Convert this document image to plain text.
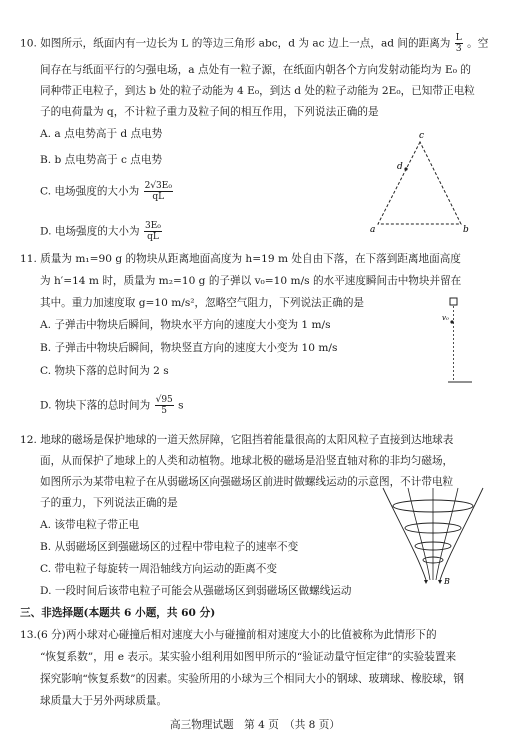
10. 如图所示，纸面内有一边长为 L 的等边三角形 abc，d 为 ac 边上一点，ad 间的距离为 $\frac{L}{3}$ 。空
间存在与纸面平行的匀强电场，a 点处有一粒子源，在纸面内朝各个方向发射动能均为 E₀ 的
同种带正电粒子，到达 b 处的粒子动能为 4 E₀，到达 d 处的粒子动能为 2E₀，已知带正电粒
子的电荷量为 q，不计粒子重力及粒子间的相互作用，下列说法正确的是
A. a 点电势高于 d 点电势
B. b 点电势高于 c 点电势
C. 电场强度的大小为 $\frac{\text{2√3E₀}}{qL}$
D. 电场强度的大小为 $\frac{\text{3E₀}}{qL}$
c
d
a	b
11. 质量为 m₁=90 g 的物块从距离地面高度为 h=19 m 处自由下落，在下落到距离地面高度
为 h′=14 m 时，质量为 m₂=10 g 的子弹以 v₀=10 m/s 的水平速度瞬间击中物块并留在
其中。重力加速度取 g=10 m/s²，忽略空气阻力，下列说法正确的是
A. 子弹击中物块后瞬间，物块水平方向的速度大小变为 1 m/s
B. 子弹击中物块后瞬间，物块竖直方向的速度大小变为 10 m/s
C. 物块下落的总时间为 2 s
D. 物块下落的总时间为 $\frac{√95}{5}$ s
v₀
12. 地球的磁场是保护地球的一道天然屏障，它阻挡着能量很高的太阳风粒子直接到达地球表
面，从而保护了地球上的人类和动植物。地球北极的磁场是沿竖直轴对称的非均匀磁场，
如图所示为某带电粒子在从弱磁场区向强磁场区前进时做螺线运动的示意图，不计带电粒
子的重力，下列说法正确的是
A. 该带电粒子带正电
B. 从弱磁场区到强磁场区的过程中带电粒子的速率不变
C. 带电粒子每旋转一周沿轴线方向运动的距离不变
D. 一段时间后该带电粒子可能会从强磁场区到弱磁场区做螺线运动
B
三、非选择题(本题共 6 小题，共 60 分)
13.(6 分)两小球对心碰撞后相对速度大小与碰撞前相对速度大小的比值被称为此情形下的
“恢复系数”，用 e 表示。某实验小组利用如图甲所示的“验证动量守恒定律”的实验装置来
探究影响“恢复系数”的因素。实验所用的小球为三个相同大小的钢球、玻璃球、橡胶球，钢
球质量大于另外两球质量。
高三物理试题　第 4 页　（共 8 页）
